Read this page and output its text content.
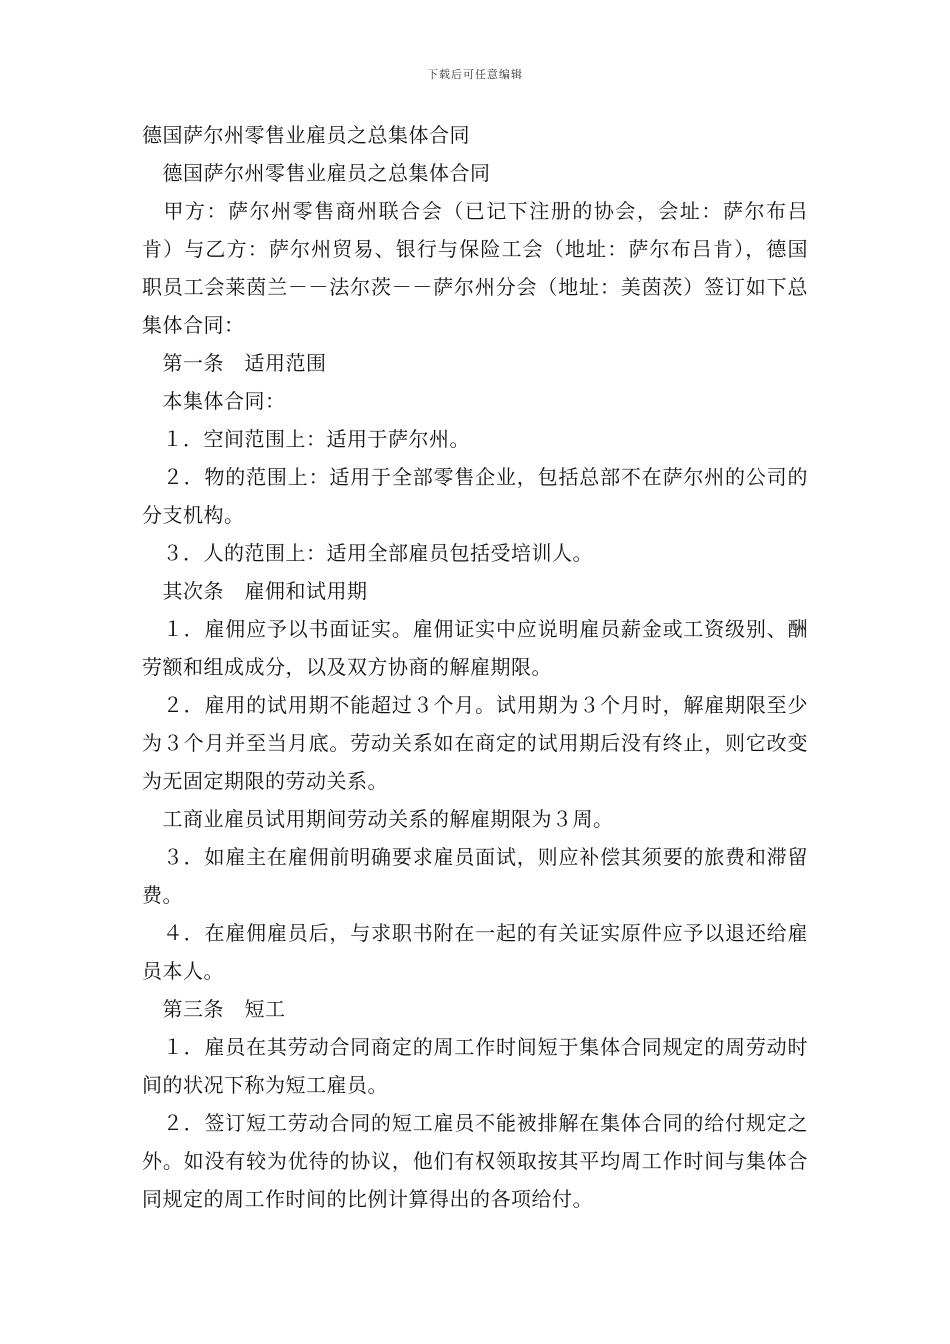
下载后可任意编辑

德国萨尔州零售业雇员之总集体合同

　德国萨尔州零售业雇员之总集体合同

　甲方：萨尔州零售商州联合会（已记下注册的协会，会址：萨尔布吕肯）与乙方：萨尔州贸易、银行与保险工会（地址：萨尔布吕肯），德国职员工会莱茵兰－－法尔茨－－萨尔州分会（地址：美茵茨）签订如下总集体合同：

　第一条　适用范围

　本集体合同：

　１．空间范围上：适用于萨尔州。

　２．物的范围上：适用于全部零售企业，包括总部不在萨尔州的公司的分支机构。

　３．人的范围上：适用全部雇员包括受培训人。

　其次条　雇佣和试用期

　１．雇佣应予以书面证实。雇佣证实中应说明雇员薪金或工资级别、酬劳额和组成成分，以及双方协商的解雇期限。

　２．雇用的试用期不能超过３个月。试用期为３个月时，解雇期限至少为３个月并至当月底。劳动关系如在商定的试用期后没有终止，则它改变为无固定期限的劳动关系。

　工商业雇员试用期间劳动关系的解雇期限为３周。

　３．如雇主在雇佣前明确要求雇员面试，则应补偿其须要的旅费和滞留费。

　４．在雇佣雇员后，与求职书附在一起的有关证实原件应予以退还给雇员本人。

　第三条　短工

　１．雇员在其劳动合同商定的周工作时间短于集体合同规定的周劳动时间的状况下称为短工雇员。

　２．签订短工劳动合同的短工雇员不能被排解在集体合同的给付规定之外。如没有较为优待的协议，他们有权领取按其平均周工作时间与集体合同规定的周工作时间的比例计算得出的各项给付。
